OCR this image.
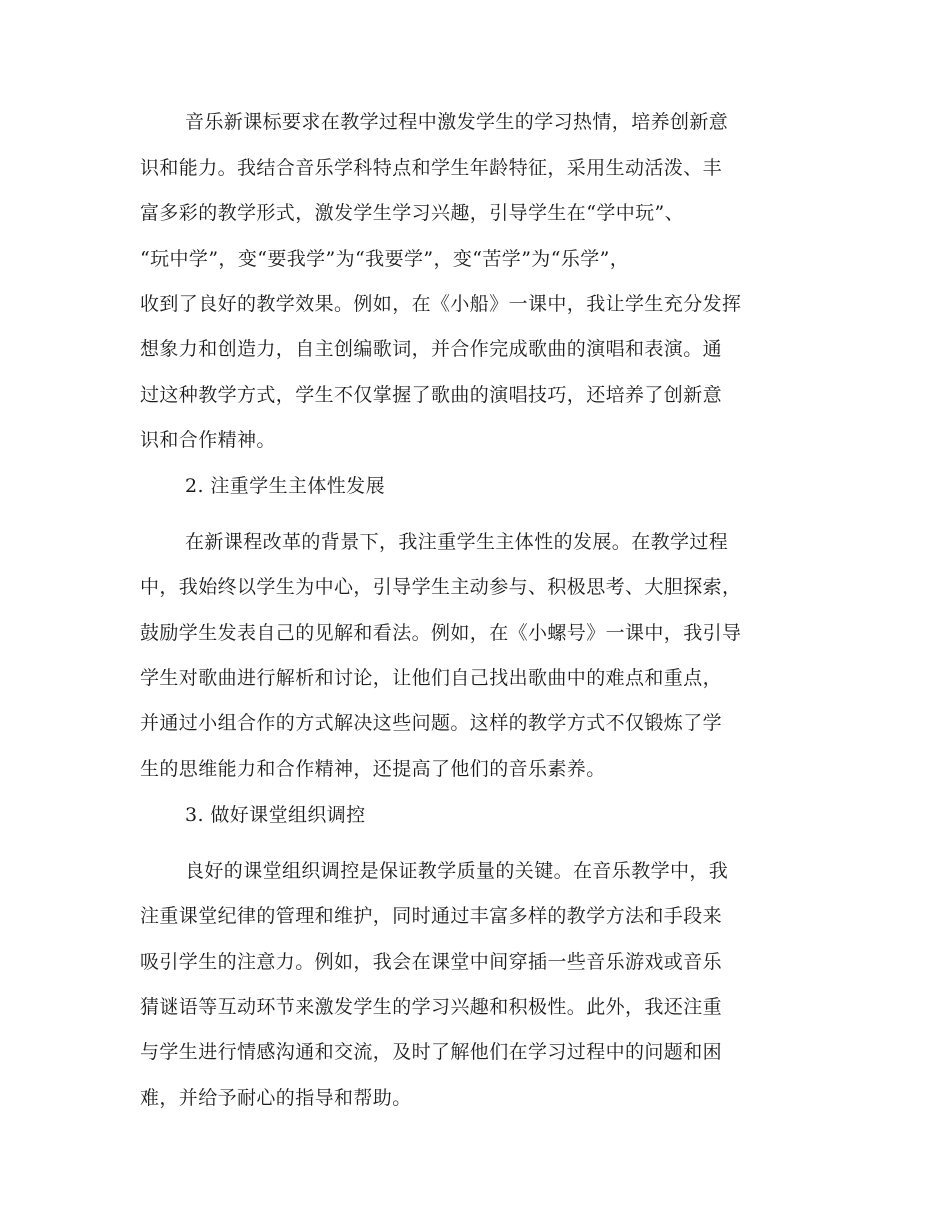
音乐新课标要求在教学过程中激发学生的学习热情，培养创新意
识和能力。我结合音乐学科特点和学生年龄特征，采用生动活泼、丰
富多彩的教学形式，激发学生学习兴趣，引导学生在“学中玩”、
“玩中学”，变“要我学”为“我要学”，变“苦学”为“乐学”，
收到了良好的教学效果。例如，在《小船》一课中，我让学生充分发挥
想象力和创造力，自主创编歌词，并合作完成歌曲的演唱和表演。通
过这种教学方式，学生不仅掌握了歌曲的演唱技巧，还培养了创新意
识和合作精神。
2. 注重学生主体性发展
在新课程改革的背景下，我注重学生主体性的发展。在教学过程
中，我始终以学生为中心，引导学生主动参与、积极思考、大胆探索，
鼓励学生发表自己的见解和看法。例如，在《小螺号》一课中，我引导
学生对歌曲进行解析和讨论，让他们自己找出歌曲中的难点和重点，
并通过小组合作的方式解决这些问题。这样的教学方式不仅锻炼了学
生的思维能力和合作精神，还提高了他们的音乐素养。
3. 做好课堂组织调控
良好的课堂组织调控是保证教学质量的关键。在音乐教学中，我
注重课堂纪律的管理和维护，同时通过丰富多样的教学方法和手段来
吸引学生的注意力。例如，我会在课堂中间穿插一些音乐游戏或音乐
猜谜语等互动环节来激发学生的学习兴趣和积极性。此外，我还注重
与学生进行情感沟通和交流，及时了解他们在学习过程中的问题和困
难，并给予耐心的指导和帮助。
